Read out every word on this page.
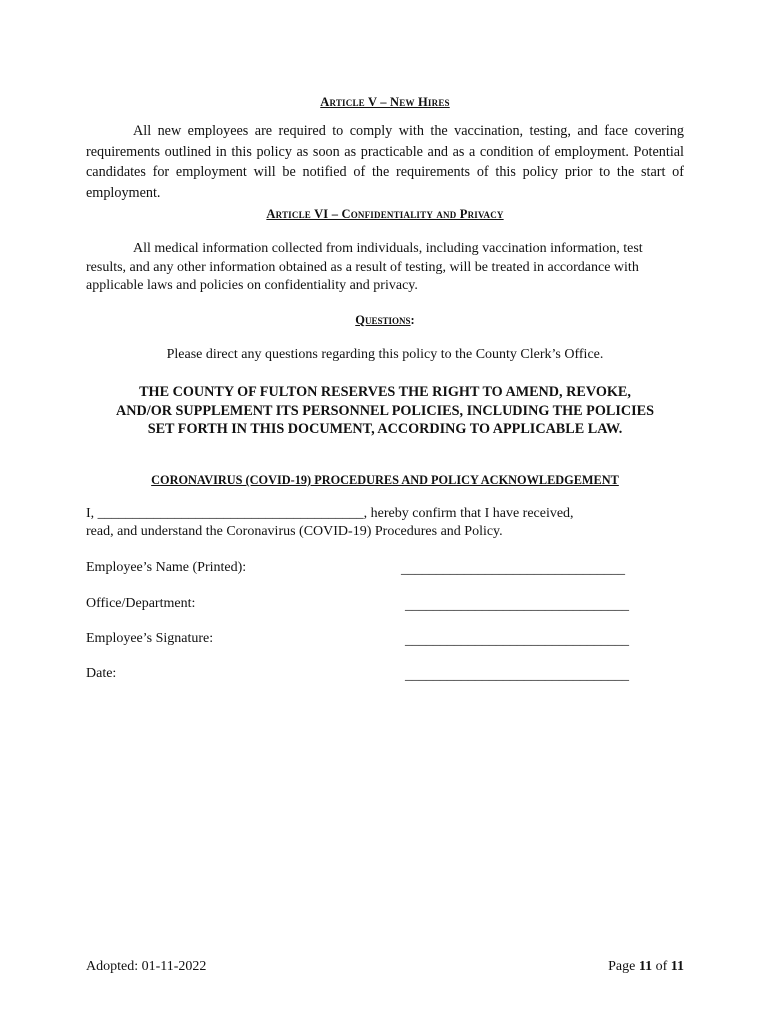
Article V – New Hires
All new employees are required to comply with the vaccination, testing, and face covering requirements outlined in this policy as soon as practicable and as a condition of employment. Potential candidates for employment will be notified of the requirements of this policy prior to the start of employment.
Article VI – Confidentiality and Privacy
All medical information collected from individuals, including vaccination information, test results, and any other information obtained as a result of testing, will be treated in accordance with applicable laws and policies on confidentiality and privacy.
Questions:
Please direct any questions regarding this policy to the County Clerk’s Office.
THE COUNTY OF FULTON RESERVES THE RIGHT TO AMEND, REVOKE,
AND/OR SUPPLEMENT ITS PERSONNEL POLICIES, INCLUDING THE POLICIES
SET FORTH IN THIS DOCUMENT, ACCORDING TO APPLICABLE LAW.
CORONAVIRUS (COVID-19) PROCEDURES AND POLICY ACKNOWLEDGEMENT
I, ______________________________________, hereby confirm that I have received,
read, and understand the Coronavirus (COVID-19) Procedures and Policy.
Employee’s Name (Printed):	________________________________
Office/Department:	________________________________
Employee’s Signature:	________________________________
Date:	________________________________
Adopted: 01-11-2022	Page 11 of 11
